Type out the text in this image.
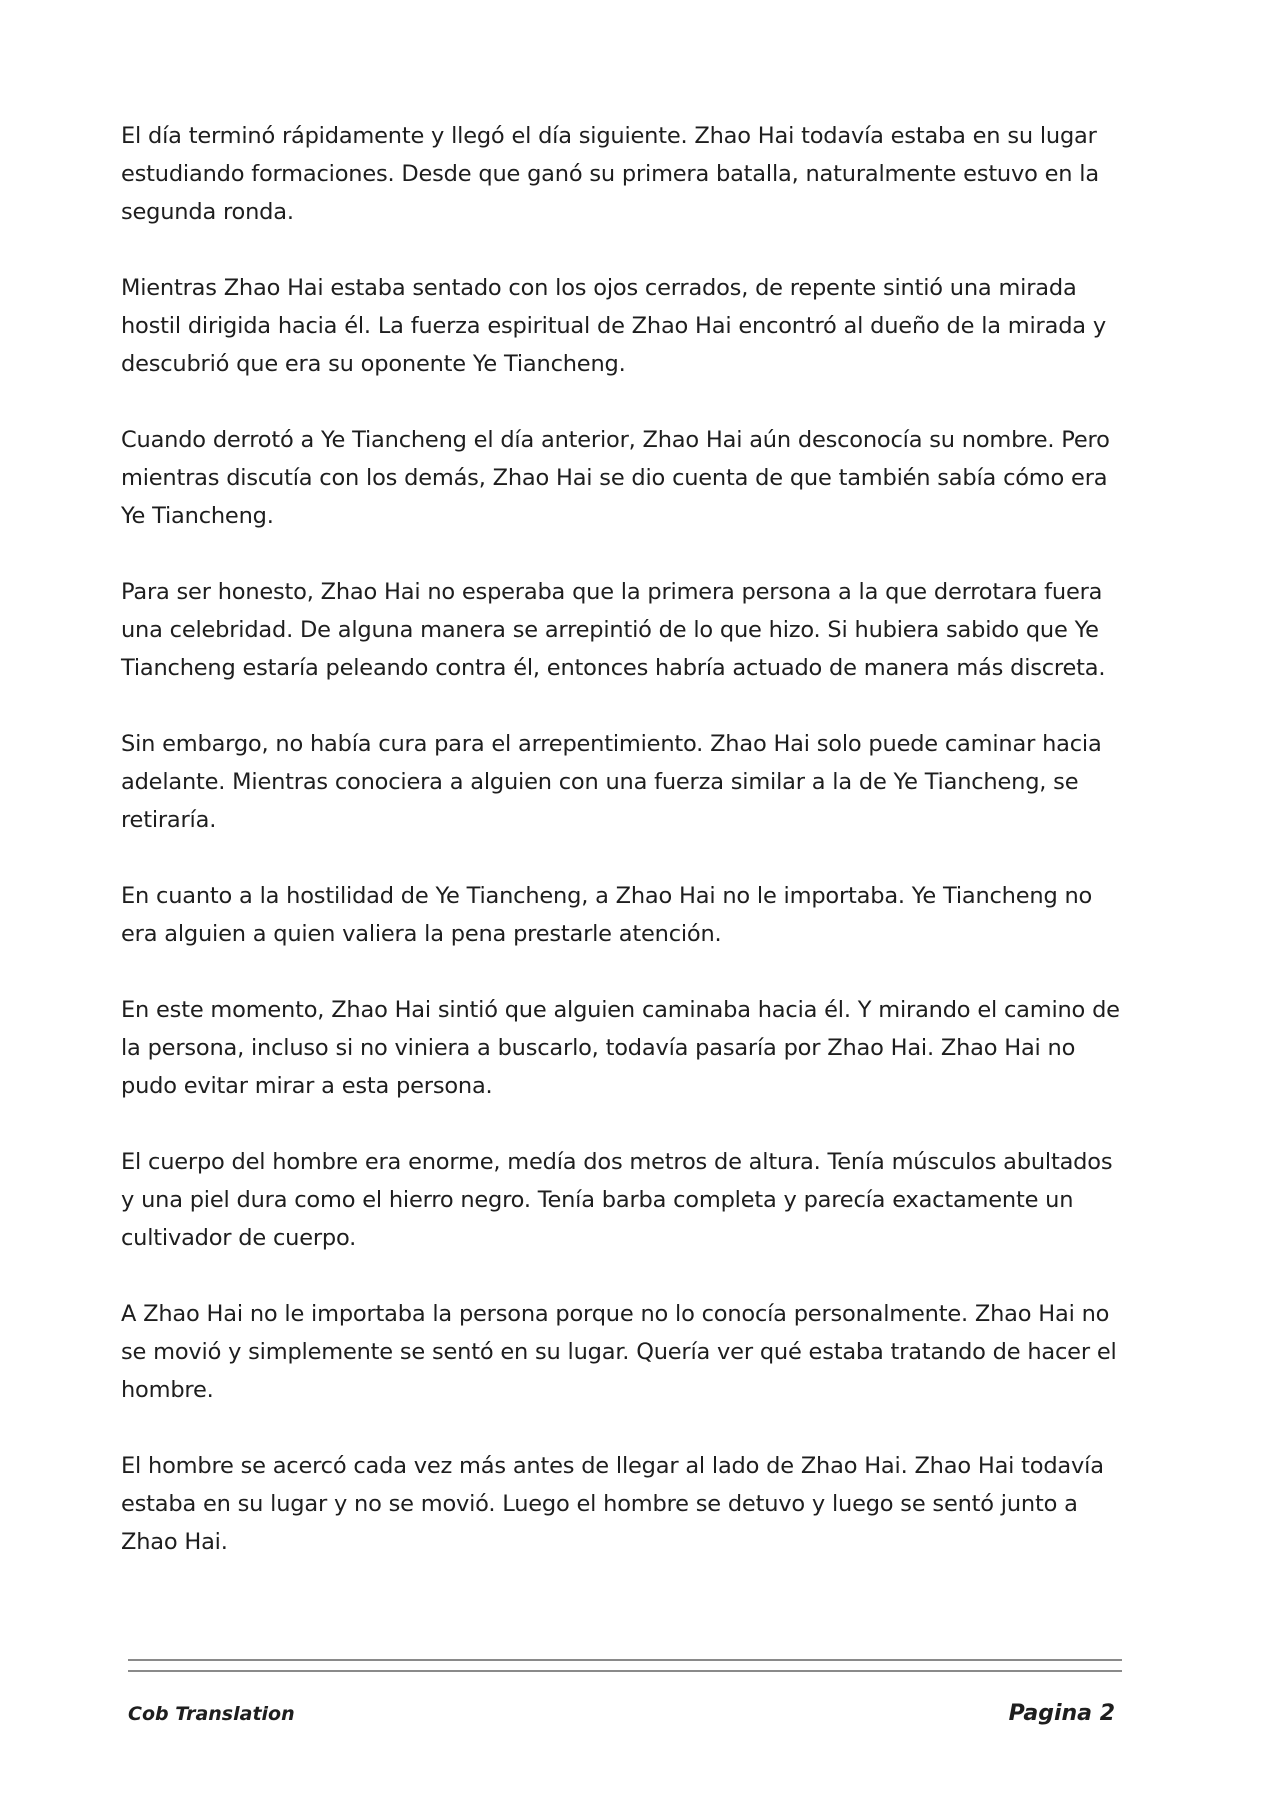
El día terminó rápidamente y llegó el día siguiente. Zhao Hai todavía estaba en su lugar estudiando formaciones. Desde que ganó su primera batalla, naturalmente estuvo en la segunda ronda.

Mientras Zhao Hai estaba sentado con los ojos cerrados, de repente sintió una mirada hostil dirigida hacia él. La fuerza espiritual de Zhao Hai encontró al dueño de la mirada y descubrió que era su oponente Ye Tiancheng.

Cuando derrotó a Ye Tiancheng el día anterior, Zhao Hai aún desconocía su nombre. Pero mientras discutía con los demás, Zhao Hai se dio cuenta de que también sabía cómo era Ye Tiancheng.

Para ser honesto, Zhao Hai no esperaba que la primera persona a la que derrotara fuera una celebridad. De alguna manera se arrepintió de lo que hizo. Si hubiera sabido que Ye Tiancheng estaría peleando contra él, entonces habría actuado de manera más discreta.

Sin embargo, no había cura para el arrepentimiento. Zhao Hai solo puede caminar hacia adelante. Mientras conociera a alguien con una fuerza similar a la de Ye Tiancheng, se retiraría.

En cuanto a la hostilidad de Ye Tiancheng, a Zhao Hai no le importaba. Ye Tiancheng no era alguien a quien valiera la pena prestarle atención.

En este momento, Zhao Hai sintió que alguien caminaba hacia él. Y mirando el camino de la persona, incluso si no viniera a buscarlo, todavía pasaría por Zhao Hai. Zhao Hai no pudo evitar mirar a esta persona.

El cuerpo del hombre era enorme, medía dos metros de altura. Tenía músculos abultados y una piel dura como el hierro negro. Tenía barba completa y parecía exactamente un cultivador de cuerpo.

A Zhao Hai no le importaba la persona porque no lo conocía personalmente. Zhao Hai no se movió y simplemente se sentó en su lugar. Quería ver qué estaba tratando de hacer el hombre.

El hombre se acercó cada vez más antes de llegar al lado de Zhao Hai. Zhao Hai todavía estaba en su lugar y no se movió. Luego el hombre se detuvo y luego se sentó junto a Zhao Hai.

Cob Translation	Pagina 2
